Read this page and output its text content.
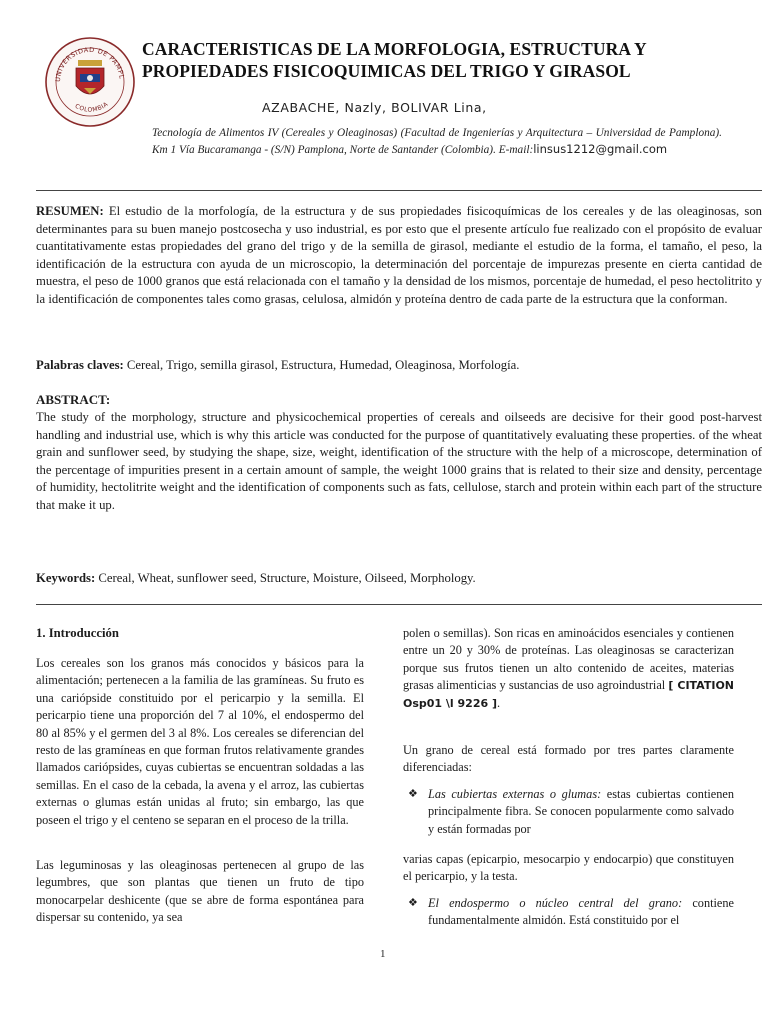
UNIVERSIDAD DE PAMPL
COLOMBIA
CARACTERISTICAS DE LA MORFOLOGIA, ESTRUCTURA Y PROPIEDADES FISICOQUIMICAS DEL TRIGO Y GIRASOL
AZABACHE, Nazly, BOLIVAR Lina,
Tecnología de Alimentos IV (Cereales y Oleaginosas) (Facultad de Ingenierías y Arquitectura – Universidad de Pamplona). Km 1 Vía Bucaramanga - (S/N) Pamplona, Norte de Santander (Colombia). E-mail:linsus1212@gmail.com
RESUMEN: El estudio de la morfología, de la estructura y de sus propiedades fisicoquímicas de los cereales y de las oleaginosas, son determinantes para su buen manejo postcosecha y uso industrial, es por esto que el presente artículo fue realizado con el propósito de evaluar cuantitativamente estas propiedades del grano del trigo y de la semilla de girasol, mediante el estudio de la forma, el tamaño, el peso, la identificación de la estructura con ayuda de un microscopio, la determinación del porcentaje de impurezas presente en cierta cantidad de muestra, el peso de 1000 granos que está relacionada con el tamaño y la densidad de los mismos, porcentaje de humedad, el peso hectolitrito y la identificación de componentes tales como grasas, celulosa, almidón y proteína dentro de cada parte de la estructura que la conforman.
Palabras claves: Cereal, Trigo, semilla girasol, Estructura, Humedad, Oleaginosa, Morfología.
ABSTRACT:
The study of the morphology, structure and physicochemical properties of cereals and oilseeds are decisive for their good post-harvest handling and industrial use, which is why this article was conducted for the purpose of quantitatively evaluating these properties. of the wheat grain and sunflower seed, by studying the shape, size, weight, identification of the structure with the help of a microscope, determination of the percentage of impurities present in a certain amount of sample, the weight 1000 grains that is related to their size and density, percentage of humidity, hectolitrite weight and the identification of components such as fats, cellulose, starch and protein within each part of the structure that make it up.
Keywords: Cereal, Wheat, sunflower seed, Structure, Moisture, Oilseed, Morphology.
1. Introducción
Los cereales son los granos más conocidos y básicos para la alimentación; pertenecen a la familia de las gramíneas. Su fruto es una cariópside constituido por el pericarpio y la semilla. El pericarpio tiene una proporción del 7 al 10%, el endospermo del 80 al 85% y el germen del 3 al 8%. Los cereales se diferencian del resto de las gramíneas en que forman frutos relativamente grandes llamados cariópsides, cuyas cubiertas se encuentran soldadas a las semillas. En el caso de la cebada, la avena y el arroz, las cubiertas externas o glumas están unidas al fruto; sin embargo, las que poseen el trigo y el centeno se separan en el proceso de la trilla.
Las leguminosas y las oleaginosas pertenecen al grupo de las legumbres, que son plantas que tienen un fruto de tipo monocarpelar deshicente (que se abre de forma espontánea para dispersar su contenido, ya sea
polen o semillas). Son ricas en aminoácidos esenciales y contienen entre un 20 y 30% de proteínas. Las oleaginosas se caracterizan porque sus frutos tienen un alto contenido de aceites, materias grasas alimenticias y sustancias de uso agroindustrial [ CITATION Osp01 \l 9226 ].
Un grano de cereal está formado por tres partes claramente diferenciadas:
❖ Las cubiertas externas o glumas: estas cubiertas contienen principalmente fibra. Se conocen popularmente como salvado y están formadas por
varias capas (epicarpio, mesocarpio y endocarpio) que constituyen el pericarpio, y la testa.
❖ El endospermo o núcleo central del grano: contiene fundamentalmente almidón. Está constituido por el
1
